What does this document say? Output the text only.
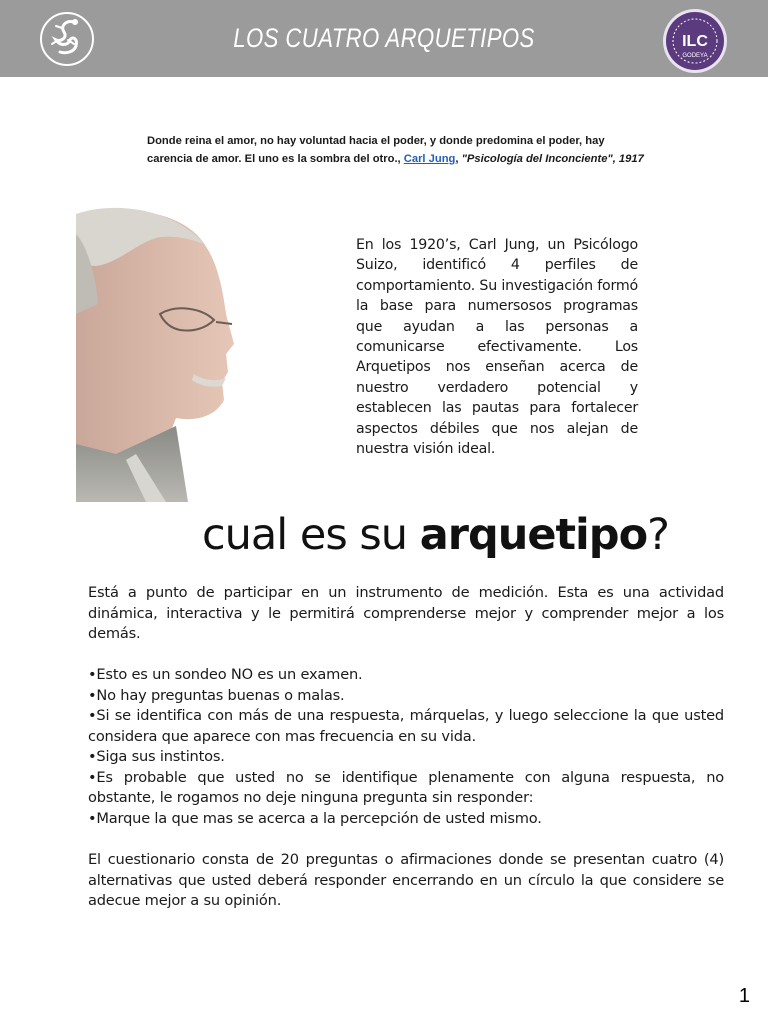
LOS CUATRO ARQUETIPOS	ILC
GODEYA
Donde reina el amor, no hay voluntad hacia el poder, y donde predomina el poder, hay carencia de amor. El uno es la sombra del otro., Carl Jung, "Psicología del Inconciente", 1917
En los 1920’s, Carl Jung, un Psicólogo Suizo, identificó 4 perfiles de comportamiento. Su investigación formó la base para numersosos programas que ayudan a las personas a comunicarse efectivamente. Los Arquetipos nos enseñan acerca de nuestro verdadero potencial y establecen las pautas para fortalecer aspectos débiles que nos alejan de nuestra visión ideal.
cual es su arquetipo?
Está a punto de participar en un instrumento de medición. Esta es una actividad dinámica, interactiva y le permitirá comprenderse mejor y comprender mejor a los demás.
•Esto es un sondeo NO es un examen.
•No hay preguntas buenas o malas.
•Si se identifica con más de una respuesta, márquelas, y luego seleccione la que usted considera que aparece con mas frecuencia en su vida.
•Siga sus instintos.
•Es probable que usted no se identifique plenamente con alguna respuesta, no obstante, le rogamos no deje ninguna pregunta sin responder:
•Marque la que mas se acerca a la percepción de usted mismo.
El cuestionario consta de 20 preguntas o afirmaciones donde se presentan cuatro (4) alternativas que usted deberá responder encerrando en un círculo la que considere se adecue mejor a su opinión.
1
